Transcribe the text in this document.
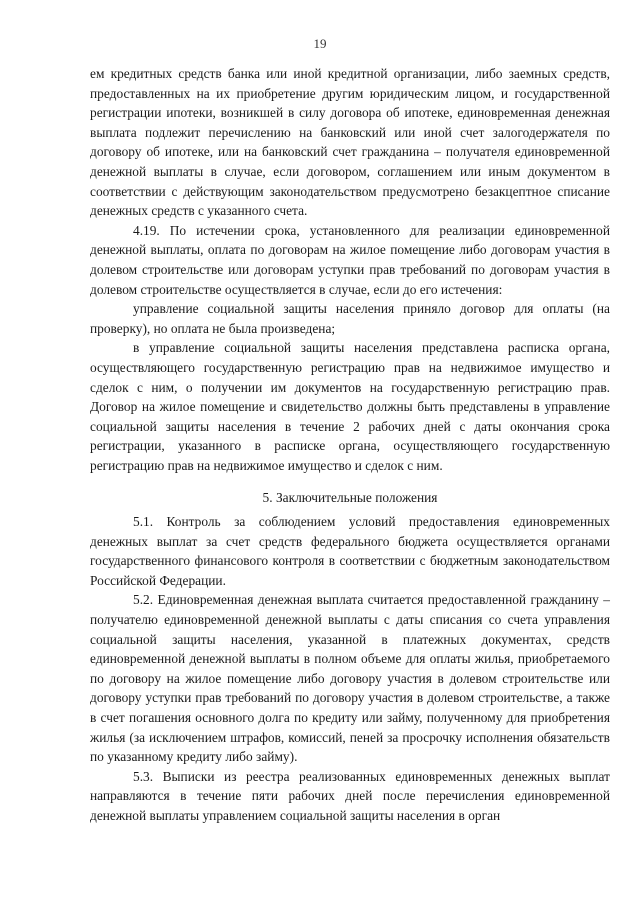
19

ем кредитных средств банка или иной кредитной организации, либо заемных средств, предоставленных на их приобретение другим юридическим лицом, и государственной регистрации ипотеки, возникшей в силу договора об ипотеке, единовременная денежная выплата подлежит перечислению на банковский или иной счет залогодержателя по договору об ипотеке, или на банковский счет гражданина – получателя единовременной денежной выплаты в случае, если договором, соглашением или иным документом в соответствии с действующим законодательством предусмотрено безакцептное списание денежных средств с указанного счета.

4.19. По истечении срока, установленного для реализации единовременной денежной выплаты, оплата по договорам на жилое помещение либо договорам участия в долевом строительстве или договорам уступки прав требований по договорам участия в долевом строительстве осуществляется в случае, если до его истечения:

управление социальной защиты населения приняло договор для оплаты (на проверку), но оплата не была произведена;

в управление социальной защиты населения представлена расписка органа, осуществляющего государственную регистрацию прав на недвижимое имущество и сделок с ним, о получении им документов на государственную регистрацию прав. Договор на жилое помещение и свидетельство должны быть представлены в управление социальной защиты населения в течение 2 рабочих дней с даты окончания срока регистрации, указанного в расписке органа, осуществляющего государственную регистрацию прав на недвижимое имущество и сделок с ним.

5. Заключительные положения

5.1. Контроль за соблюдением условий предоставления единовременных денежных выплат за счет средств федерального бюджета осуществляется органами государственного финансового контроля в соответствии с бюджетным законодательством Российской Федерации.

5.2. Единовременная денежная выплата считается предоставленной гражданину – получателю единовременной денежной выплаты с даты списания со счета управления социальной защиты населения, указанной в платежных документах, средств единовременной денежной выплаты в полном объеме для оплаты жилья, приобретаемого по договору на жилое помещение либо договору участия в долевом строительстве или договору уступки прав требований по договору участия в долевом строительстве, а также в счет погашения основного долга по кредиту или займу, полученному для приобретения жилья (за исключением штрафов, комиссий, пеней за просрочку исполнения обязательств по указанному кредиту либо займу).

5.3. Выписки из реестра реализованных единовременных денежных выплат направляются в течение пяти рабочих дней после перечисления единовременной денежной выплаты управлением социальной защиты населения в орган
